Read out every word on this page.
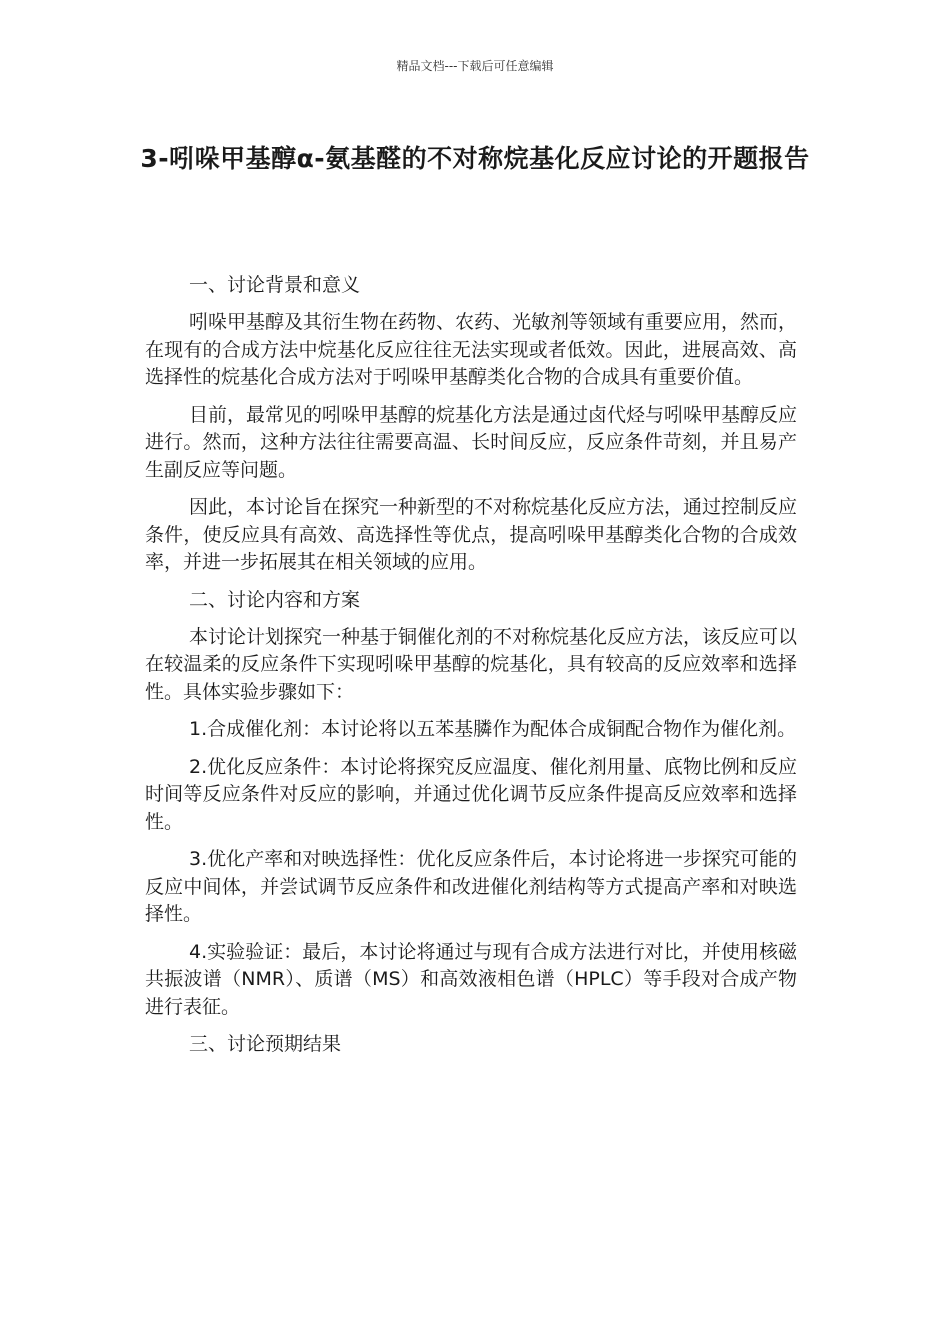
精品文档---下载后可任意编辑
3-吲哚甲基醇α-氨基醛的不对称烷基化反应讨论的开题报告

一、讨论背景和意义

吲哚甲基醇及其衍生物在药物、农药、光敏剂等领域有重要应用，然而，在现有的合成方法中烷基化反应往往无法实现或者低效。因此，进展高效、高选择性的烷基化合成方法对于吲哚甲基醇类化合物的合成具有重要价值。

目前，最常见的吲哚甲基醇的烷基化方法是通过卤代烃与吲哚甲基醇反应进行。然而，这种方法往往需要高温、长时间反应，反应条件苛刻，并且易产生副反应等问题。

因此，本讨论旨在探究一种新型的不对称烷基化反应方法，通过控制反应条件，使反应具有高效、高选择性等优点，提高吲哚甲基醇类化合物的合成效率，并进一步拓展其在相关领域的应用。

二、讨论内容和方案

本讨论计划探究一种基于铜催化剂的不对称烷基化反应方法，该反应可以在较温柔的反应条件下实现吲哚甲基醇的烷基化，具有较高的反应效率和选择性。具体实验步骤如下：

1.合成催化剂：本讨论将以五苯基膦作为配体合成铜配合物作为催化剂。

2.优化反应条件：本讨论将探究反应温度、催化剂用量、底物比例和反应时间等反应条件对反应的影响，并通过优化调节反应条件提高反应效率和选择性。

3.优化产率和对映选择性：优化反应条件后，本讨论将进一步探究可能的反应中间体，并尝试调节反应条件和改进催化剂结构等方式提高产率和对映选择性。

4.实验验证：最后，本讨论将通过与现有合成方法进行对比，并使用核磁共振波谱（NMR）、质谱（MS）和高效液相色谱（HPLC）等手段对合成产物进行表征。

三、讨论预期结果
